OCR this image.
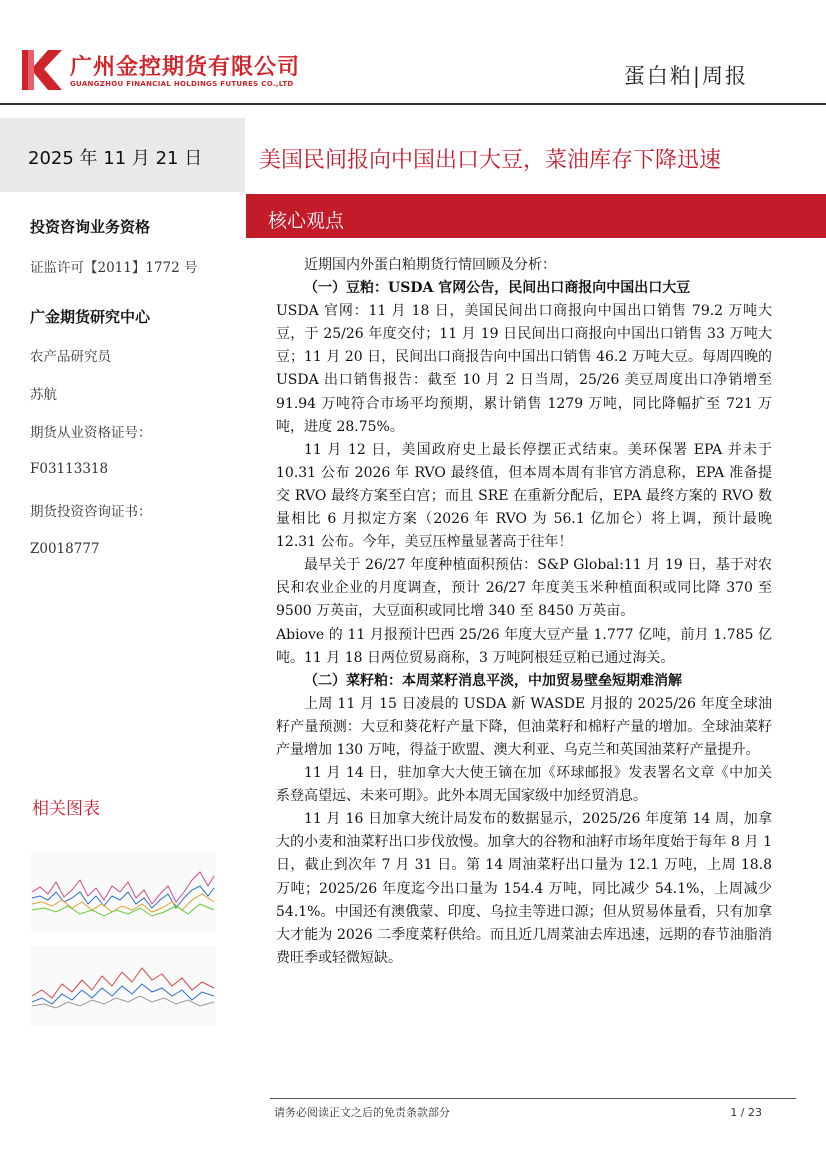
广州金控期货有限公司
GUANGZHOU FINANCIAL HOLDINGS FUTURES CO.,LTD	蛋白粕|周报
2025 年 11 月 21 日	美国民间报向中国出口大豆，菜油库存下降迅速
核心观点
投资咨询业务资格
证监许可【2011】1772 号
广金期货研究中心
农产品研究员
苏航
期货从业资格证号：
F03113318
期货投资咨询证书：
Z0018777
相关图表

近期国内外蛋白粕期货行情回顾及分析：

（一）豆粕：USDA 官网公告，民间出口商报向中国出口大豆

USDA 官网：11 月 18 日，美国民间出口商报向中国出口销售 79.2 万吨大豆，于 25/26 年度交付；11 月 19 日民间出口商报向中国出口销售 33 万吨大豆；11 月 20 日，民间出口商报告向中国出口销售 46.2 万吨大豆。每周四晚的 USDA 出口销售报告：截至 10 月 2 日当周，25/26 美豆周度出口净销增至 91.94 万吨符合市场平均预期，累计销售 1279 万吨，同比降幅扩至 721 万吨，进度 28.75%。

11 月 12 日，美国政府史上最长停摆正式结束。美环保署 EPA 并未于 10.31 公布 2026 年 RVO 最终值，但本周本周有非官方消息称，EPA 准备提交 RVO 最终方案至白宫；而且 SRE 在重新分配后，EPA 最终方案的 RVO 数量相比 6 月拟定方案（2026 年 RVO 为 56.1 亿加仑）将上调，预计最晚 12.31 公布。今年，美豆压榨量显著高于往年！

最早关于 26/27 年度种植面积预估：S&P Global:11 月 19 日，基于对农民和农业企业的月度调查，预计 26/27 年度美玉米种植面积或同比降 370 至 9500 万英亩，大豆面积或同比增 340 至 8450 万英亩。

Abiove 的 11 月报预计巴西 25/26 年度大豆产量 1.777 亿吨，前月 1.785 亿吨。11 月 18 日两位贸易商称，3 万吨阿根廷豆粕已通过海关。

（二）菜籽粕：本周菜籽消息平淡，中加贸易壁垒短期难消解

上周 11 月 15 日凌晨的 USDA 新 WASDE 月报的 2025/26 年度全球油籽产量预测：大豆和葵花籽产量下降，但油菜籽和棉籽产量的增加。全球油菜籽产量增加 130 万吨，得益于欧盟、澳大利亚、乌克兰和英国油菜籽产量提升。

11 月 14 日，驻加拿大大使王镝在加《环球邮报》发表署名文章《中加关系登高望远、未来可期》。此外本周无国家级中加经贸消息。

11 月 16 日加拿大统计局发布的数据显示，2025/26 年度第 14 周，加拿大的小麦和油菜籽出口步伐放慢。加拿大的谷物和油籽市场年度始于每年 8 月 1 日，截止到次年 7 月 31 日。第 14 周油菜籽出口量为 12.1 万吨，上周 18.8 万吨；2025/26 年度迄今出口量为 154.4 万吨，同比减少 54.1%，上周减少 54.1%。中国还有澳俄蒙、印度、乌拉圭等进口源；但从贸易体量看，只有加拿大才能为 2026 二季度菜籽供给。而且近几周菜油去库迅速，远期的春节油脂消费旺季或轻微短缺。

请务必阅读正文之后的免责条款部分	1 / 23
